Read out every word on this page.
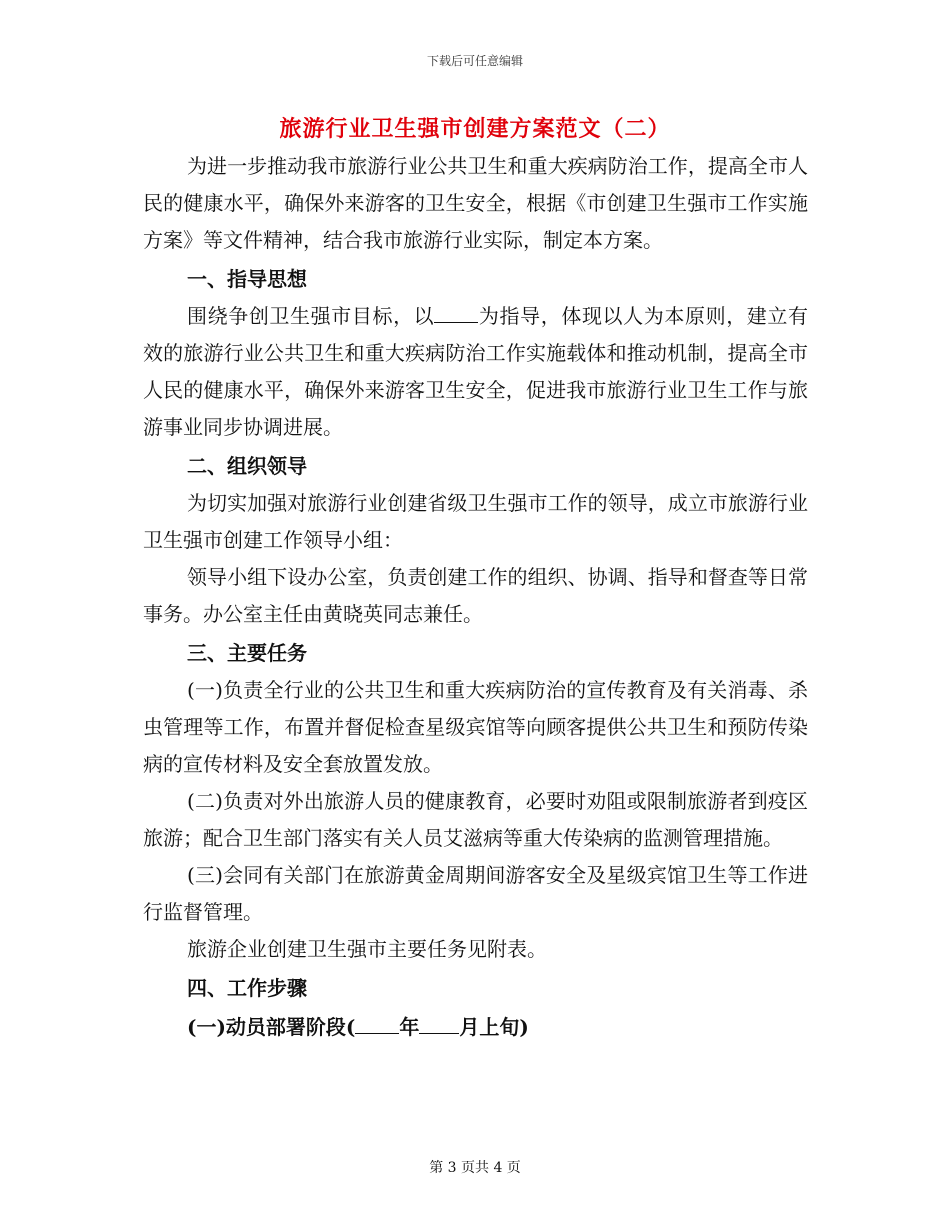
下载后可任意编辑
旅游行业卫生强市创建方案范文（二）

为进一步推动我市旅游行业公共卫生和重大疾病防治工作，提高全市人民的健康水平，确保外来游客的卫生安全，根据《市创建卫生强市工作实施方案》等文件精神，结合我市旅游行业实际，制定本方案。

一、指导思想

围绕争创卫生强市目标，以 为指导，体现以人为本原则，建立有效的旅游行业公共卫生和重大疾病防治工作实施载体和推动机制，提高全市人民的健康水平，确保外来游客卫生安全，促进我市旅游行业卫生工作与旅游事业同步协调进展。

二、组织领导

为切实加强对旅游行业创建省级卫生强市工作的领导，成立市旅游行业卫生强市创建工作领导小组：

领导小组下设办公室，负责创建工作的组织、协调、指导和督查等日常事务。办公室主任由黄晓英同志兼任。

三、主要任务

(一)负责全行业的公共卫生和重大疾病防治的宣传教育及有关消毒、杀虫管理等工作，布置并督促检查星级宾馆等向顾客提供公共卫生和预防传染病的宣传材料及安全套放置发放。

(二)负责对外出旅游人员的健康教育，必要时劝阻或限制旅游者到疫区旅游；配合卫生部门落实有关人员艾滋病等重大传染病的监测管理措施。

(三)会同有关部门在旅游黄金周期间游客安全及星级宾馆卫生等工作进行监督管理。

旅游企业创建卫生强市主要任务见附表。

四、工作步骤

(一)动员部署阶段( 年 月上旬)

第 3 页共 4 页
